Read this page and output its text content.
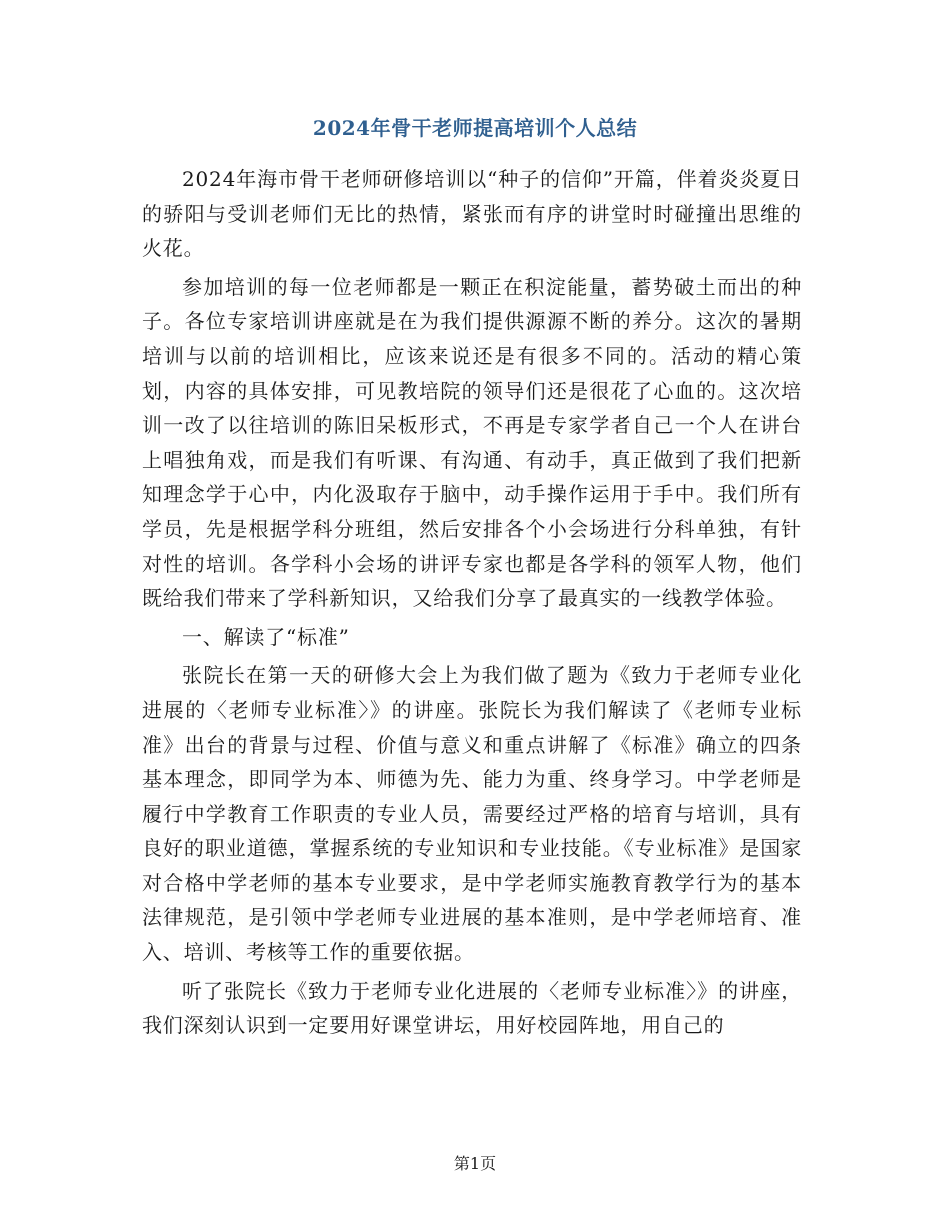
2024年骨干老师提高培训个人总结

2024年海市骨干老师研修培训以“种子的信仰”开篇，伴着炎炎夏日的骄阳与受训老师们无比的热情，紧张而有序的讲堂时时碰撞出思维的火花。

参加培训的每一位老师都是一颗正在积淀能量，蓄势破土而出的种子。各位专家培训讲座就是在为我们提供源源不断的养分。这次的暑期培训与以前的培训相比，应该来说还是有很多不同的。活动的精心策划，内容的具体安排，可见教培院的领导们还是很花了心血的。这次培训一改了以往培训的陈旧呆板形式，不再是专家学者自己一个人在讲台上唱独角戏，而是我们有听课、有沟通、有动手，真正做到了我们把新知理念学于心中，内化汲取存于脑中，动手操作运用于手中。我们所有学员，先是根据学科分班组，然后安排各个小会场进行分科单独，有针对性的培训。各学科小会场的讲评专家也都是各学科的领军人物，他们既给我们带来了学科新知识，又给我们分享了最真实的一线教学体验。

一、解读了“标准”

张院长在第一天的研修大会上为我们做了题为《致力于老师专业化进展的〈老师专业标准〉》的讲座。张院长为我们解读了《老师专业标准》出台的背景与过程、价值与意义和重点讲解了《标准》确立的四条基本理念，即同学为本、师德为先、能力为重、终身学习。中学老师是履行中学教育工作职责的专业人员，需要经过严格的培育与培训，具有良好的职业道德，掌握系统的专业知识和专业技能。《专业标准》是国家对合格中学老师的基本专业要求，是中学老师实施教育教学行为的基本法律规范，是引领中学老师专业进展的基本准则，是中学老师培育、准入、培训、考核等工作的重要依据。

听了张院长《致力于老师专业化进展的〈老师专业标准〉》的讲座，我们深刻认识到一定要用好课堂讲坛，用好校园阵地，用自己的

第1页
